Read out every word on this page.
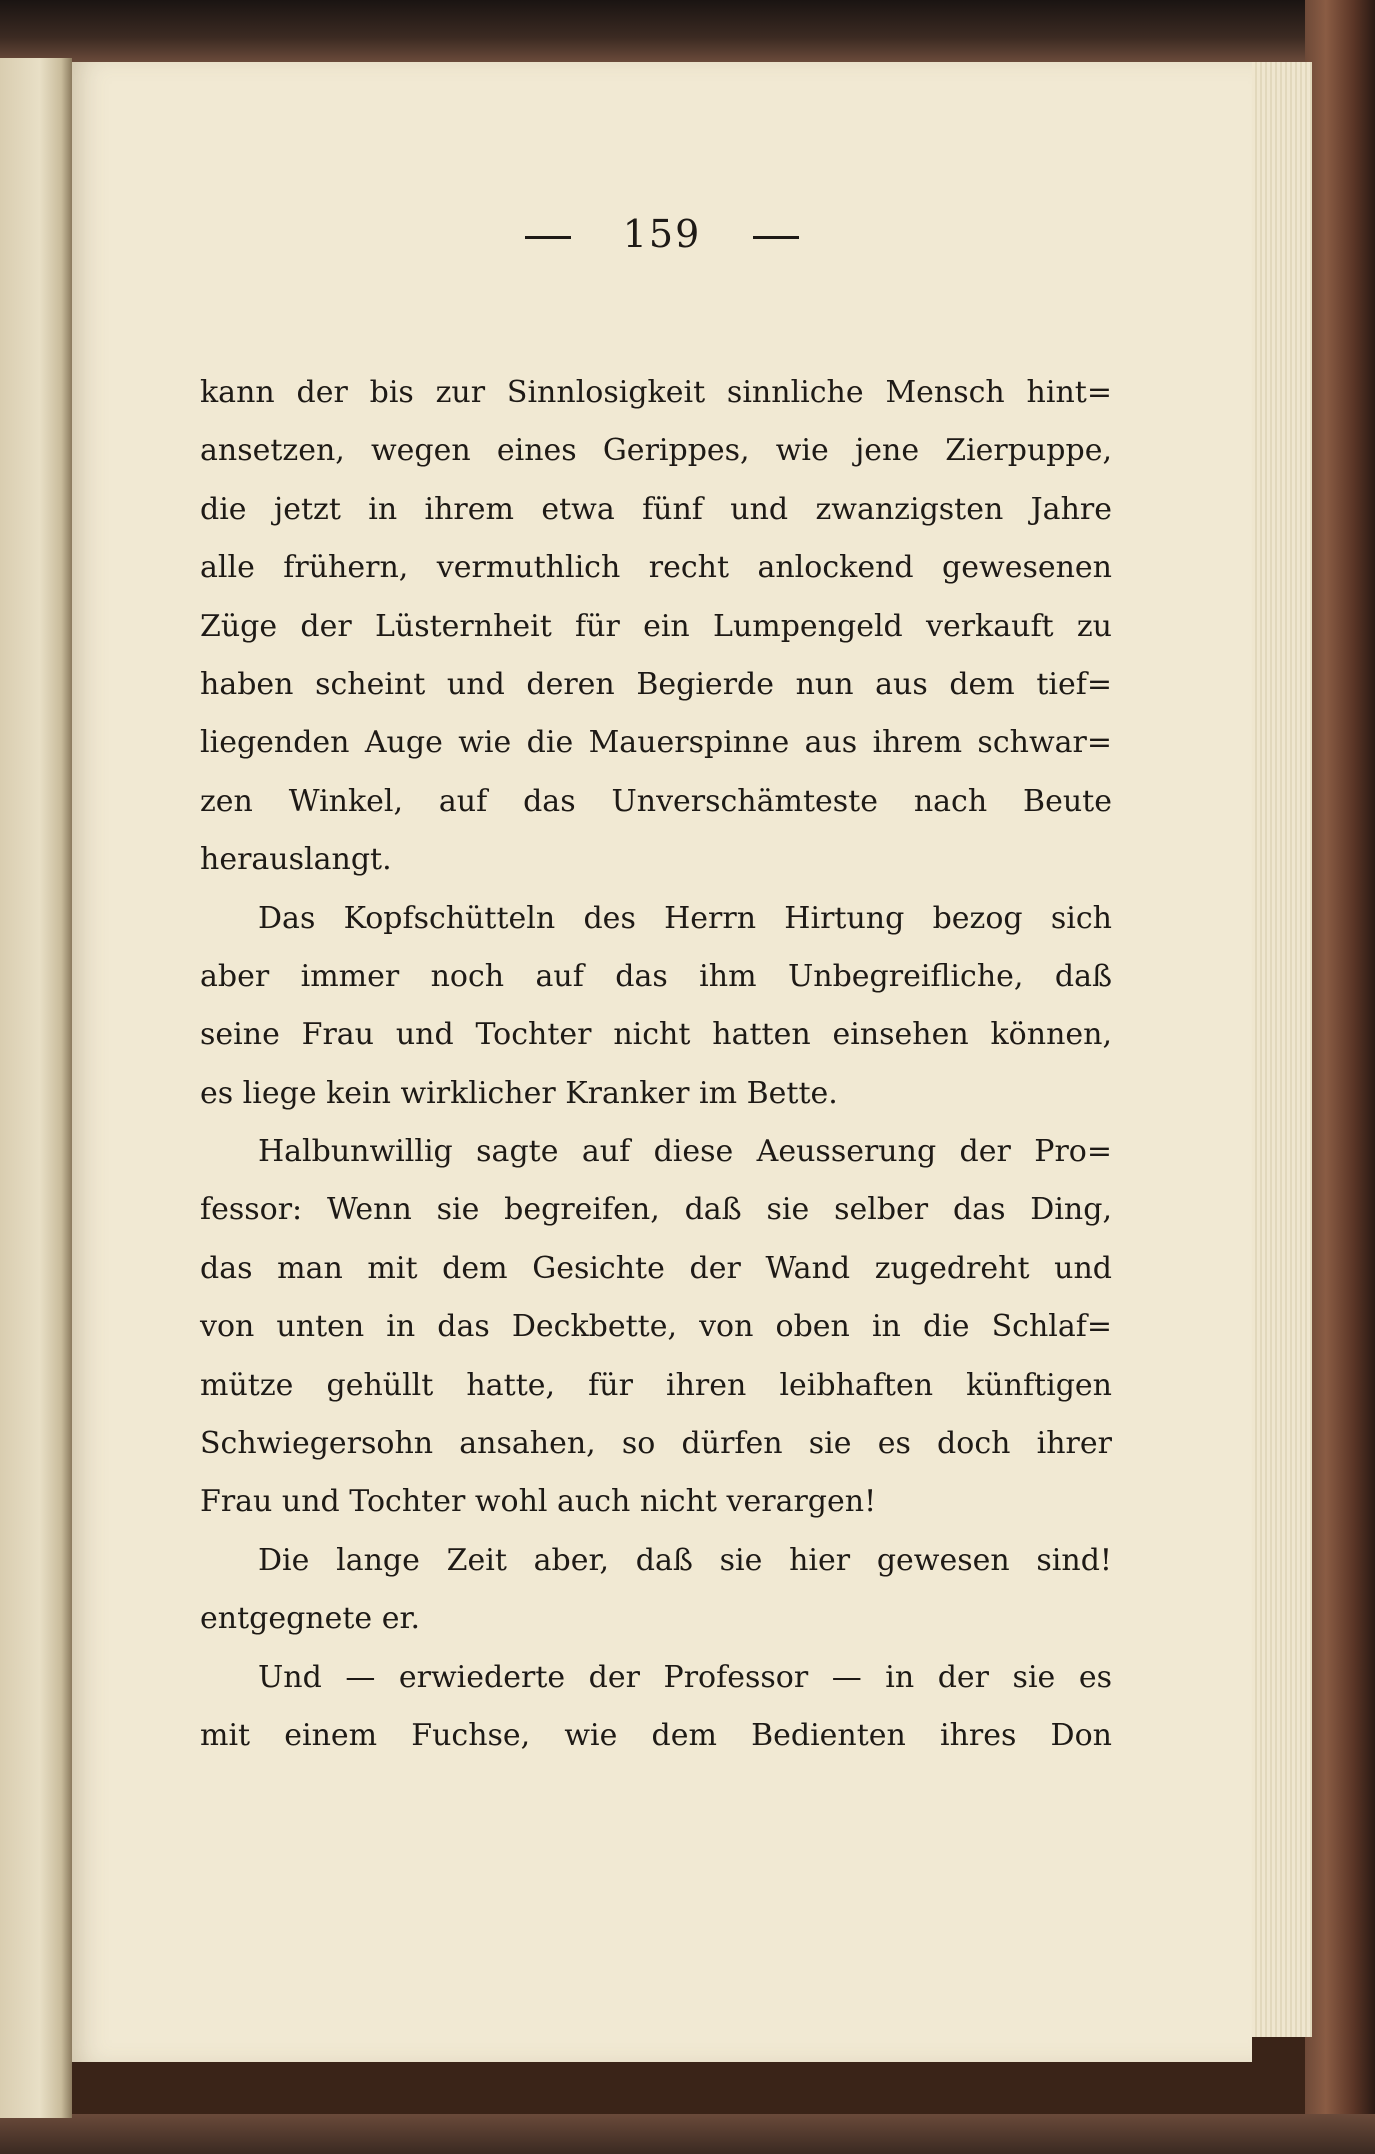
159
kann der bis zur Sinnlosigkeit sinnliche Mensch hint=
ansetzen, wegen eines Gerippes, wie jene Zierpuppe,
die jetzt in ihrem etwa fünf und zwanzigsten Jahre
alle frühern, vermuthlich recht anlockend gewesenen
Züge der Lüsternheit für ein Lumpengeld verkauft zu
haben scheint und deren Begierde nun aus dem tief=
liegenden Auge wie die Mauerspinne aus ihrem schwar=
zen Winkel, auf das Unverschämteste nach Beute
herauslangt.
Das Kopfschütteln des Herrn Hirtung bezog sich
aber immer noch auf das ihm Unbegreifliche, daß
seine Frau und Tochter nicht hatten einsehen können,
es liege kein wirklicher Kranker im Bette.
Halbunwillig sagte auf diese Aeusserung der Pro=
fessor: Wenn sie begreifen, daß sie selber das Ding,
das man mit dem Gesichte der Wand zugedreht und
von unten in das Deckbette, von oben in die Schlaf=
mütze gehüllt hatte, für ihren leibhaften künftigen
Schwiegersohn ansahen, so dürfen sie es doch ihrer
Frau und Tochter wohl auch nicht verargen!
Die lange Zeit aber, daß sie hier gewesen sind!
entgegnete er.
Und — erwiederte der Professor — in der sie es
mit einem Fuchse, wie dem Bedienten ihres Don
